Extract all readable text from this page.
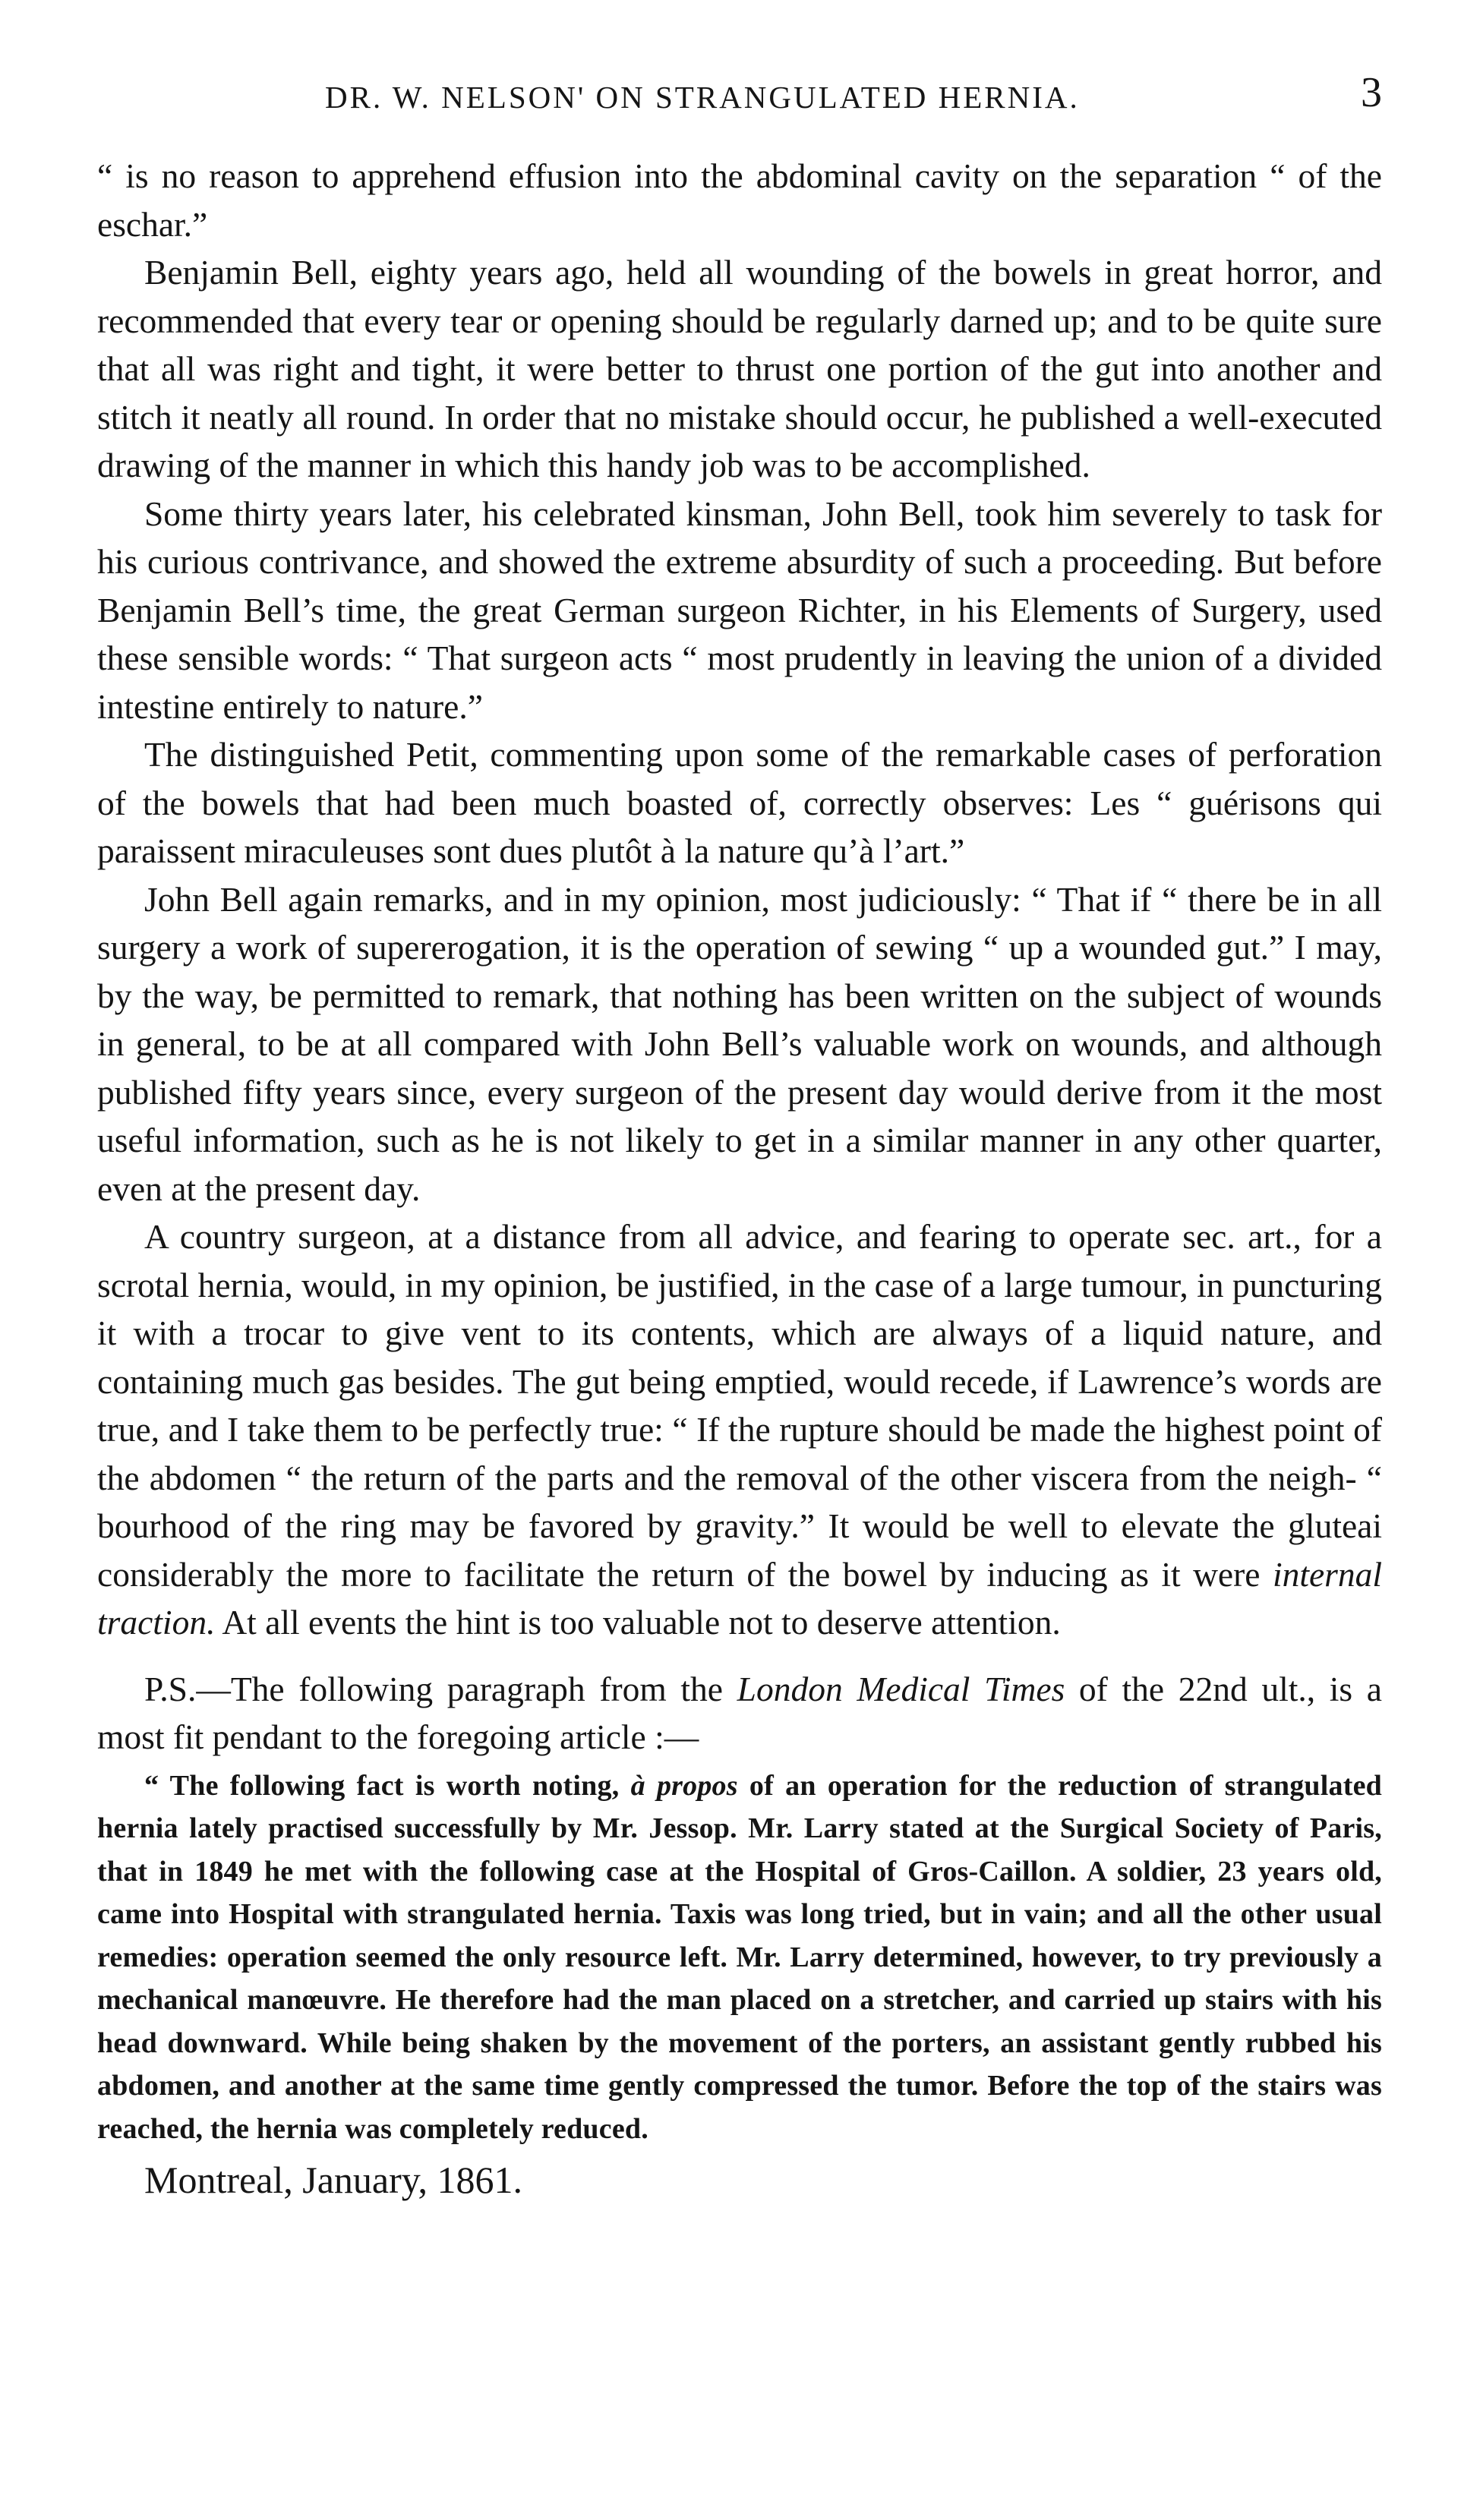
DR. W. NELSON' ON STRANGULATED HERNIA.	3

“ is no reason to apprehend effusion into the abdominal cavity on the separation “ of the eschar.”

Benjamin Bell, eighty years ago, held all wounding of the bowels in great horror, and recommended that every tear or opening should be regularly darned up; and to be quite sure that all was right and tight, it were better to thrust one portion of the gut into another and stitch it neatly all round. In order that no mistake should occur, he published a well-executed drawing of the manner in which this handy job was to be accomplished.

Some thirty years later, his celebrated kinsman, John Bell, took him severely to task for his curious contrivance, and showed the extreme absurdity of such a proceeding. But before Benjamin Bell’s time, the great German surgeon Richter, in his Elements of Surgery, used these sensible words: “ That surgeon acts “ most prudently in leaving the union of a divided intestine entirely to nature.”

The distinguished Petit, commenting upon some of the remarkable cases of perforation of the bowels that had been much boasted of, correctly observes: Les “ guérisons qui paraissent miraculeuses sont dues plutôt à la nature qu’à l’art.”

John Bell again remarks, and in my opinion, most judiciously: “ That if “ there be in all surgery a work of supererogation, it is the operation of sewing “ up a wounded gut.” I may, by the way, be permitted to remark, that nothing has been written on the subject of wounds in general, to be at all compared with John Bell’s valuable work on wounds, and although published fifty years since, every surgeon of the present day would derive from it the most useful information, such as he is not likely to get in a similar manner in any other quarter, even at the present day.

A country surgeon, at a distance from all advice, and fearing to operate sec. art., for a scrotal hernia, would, in my opinion, be justified, in the case of a large tumour, in puncturing it with a trocar to give vent to its contents, which are always of a liquid nature, and containing much gas besides. The gut being emptied, would recede, if Lawrence’s words are true, and I take them to be perfectly true: “ If the rupture should be made the highest point of the abdomen “ the return of the parts and the removal of the other viscera from the neigh- “ bourhood of the ring may be favored by gravity.” It would be well to elevate the gluteai considerably the more to facilitate the return of the bowel by inducing as it were internal traction. At all events the hint is too valuable not to deserve attention.

P.S.—The following paragraph from the London Medical Times of the 22nd ult., is a most fit pendant to the foregoing article :—

“ The following fact is worth noting, à propos of an operation for the reduction of strangulated hernia lately practised successfully by Mr. Jessop. Mr. Larry stated at the Surgical Society of Paris, that in 1849 he met with the following case at the Hospital of Gros-Caillon. A soldier, 23 years old, came into Hospital with strangulated hernia. Taxis was long tried, but in vain; and all the other usual remedies: operation seemed the only resource left. Mr. Larry determined, however, to try previously a mechanical manœuvre. He therefore had the man placed on a stretcher, and carried up stairs with his head downward. While being shaken by the movement of the porters, an assistant gently rubbed his abdomen, and another at the same time gently compressed the tumor. Before the top of the stairs was reached, the hernia was completely reduced.

Montreal, January, 1861.
